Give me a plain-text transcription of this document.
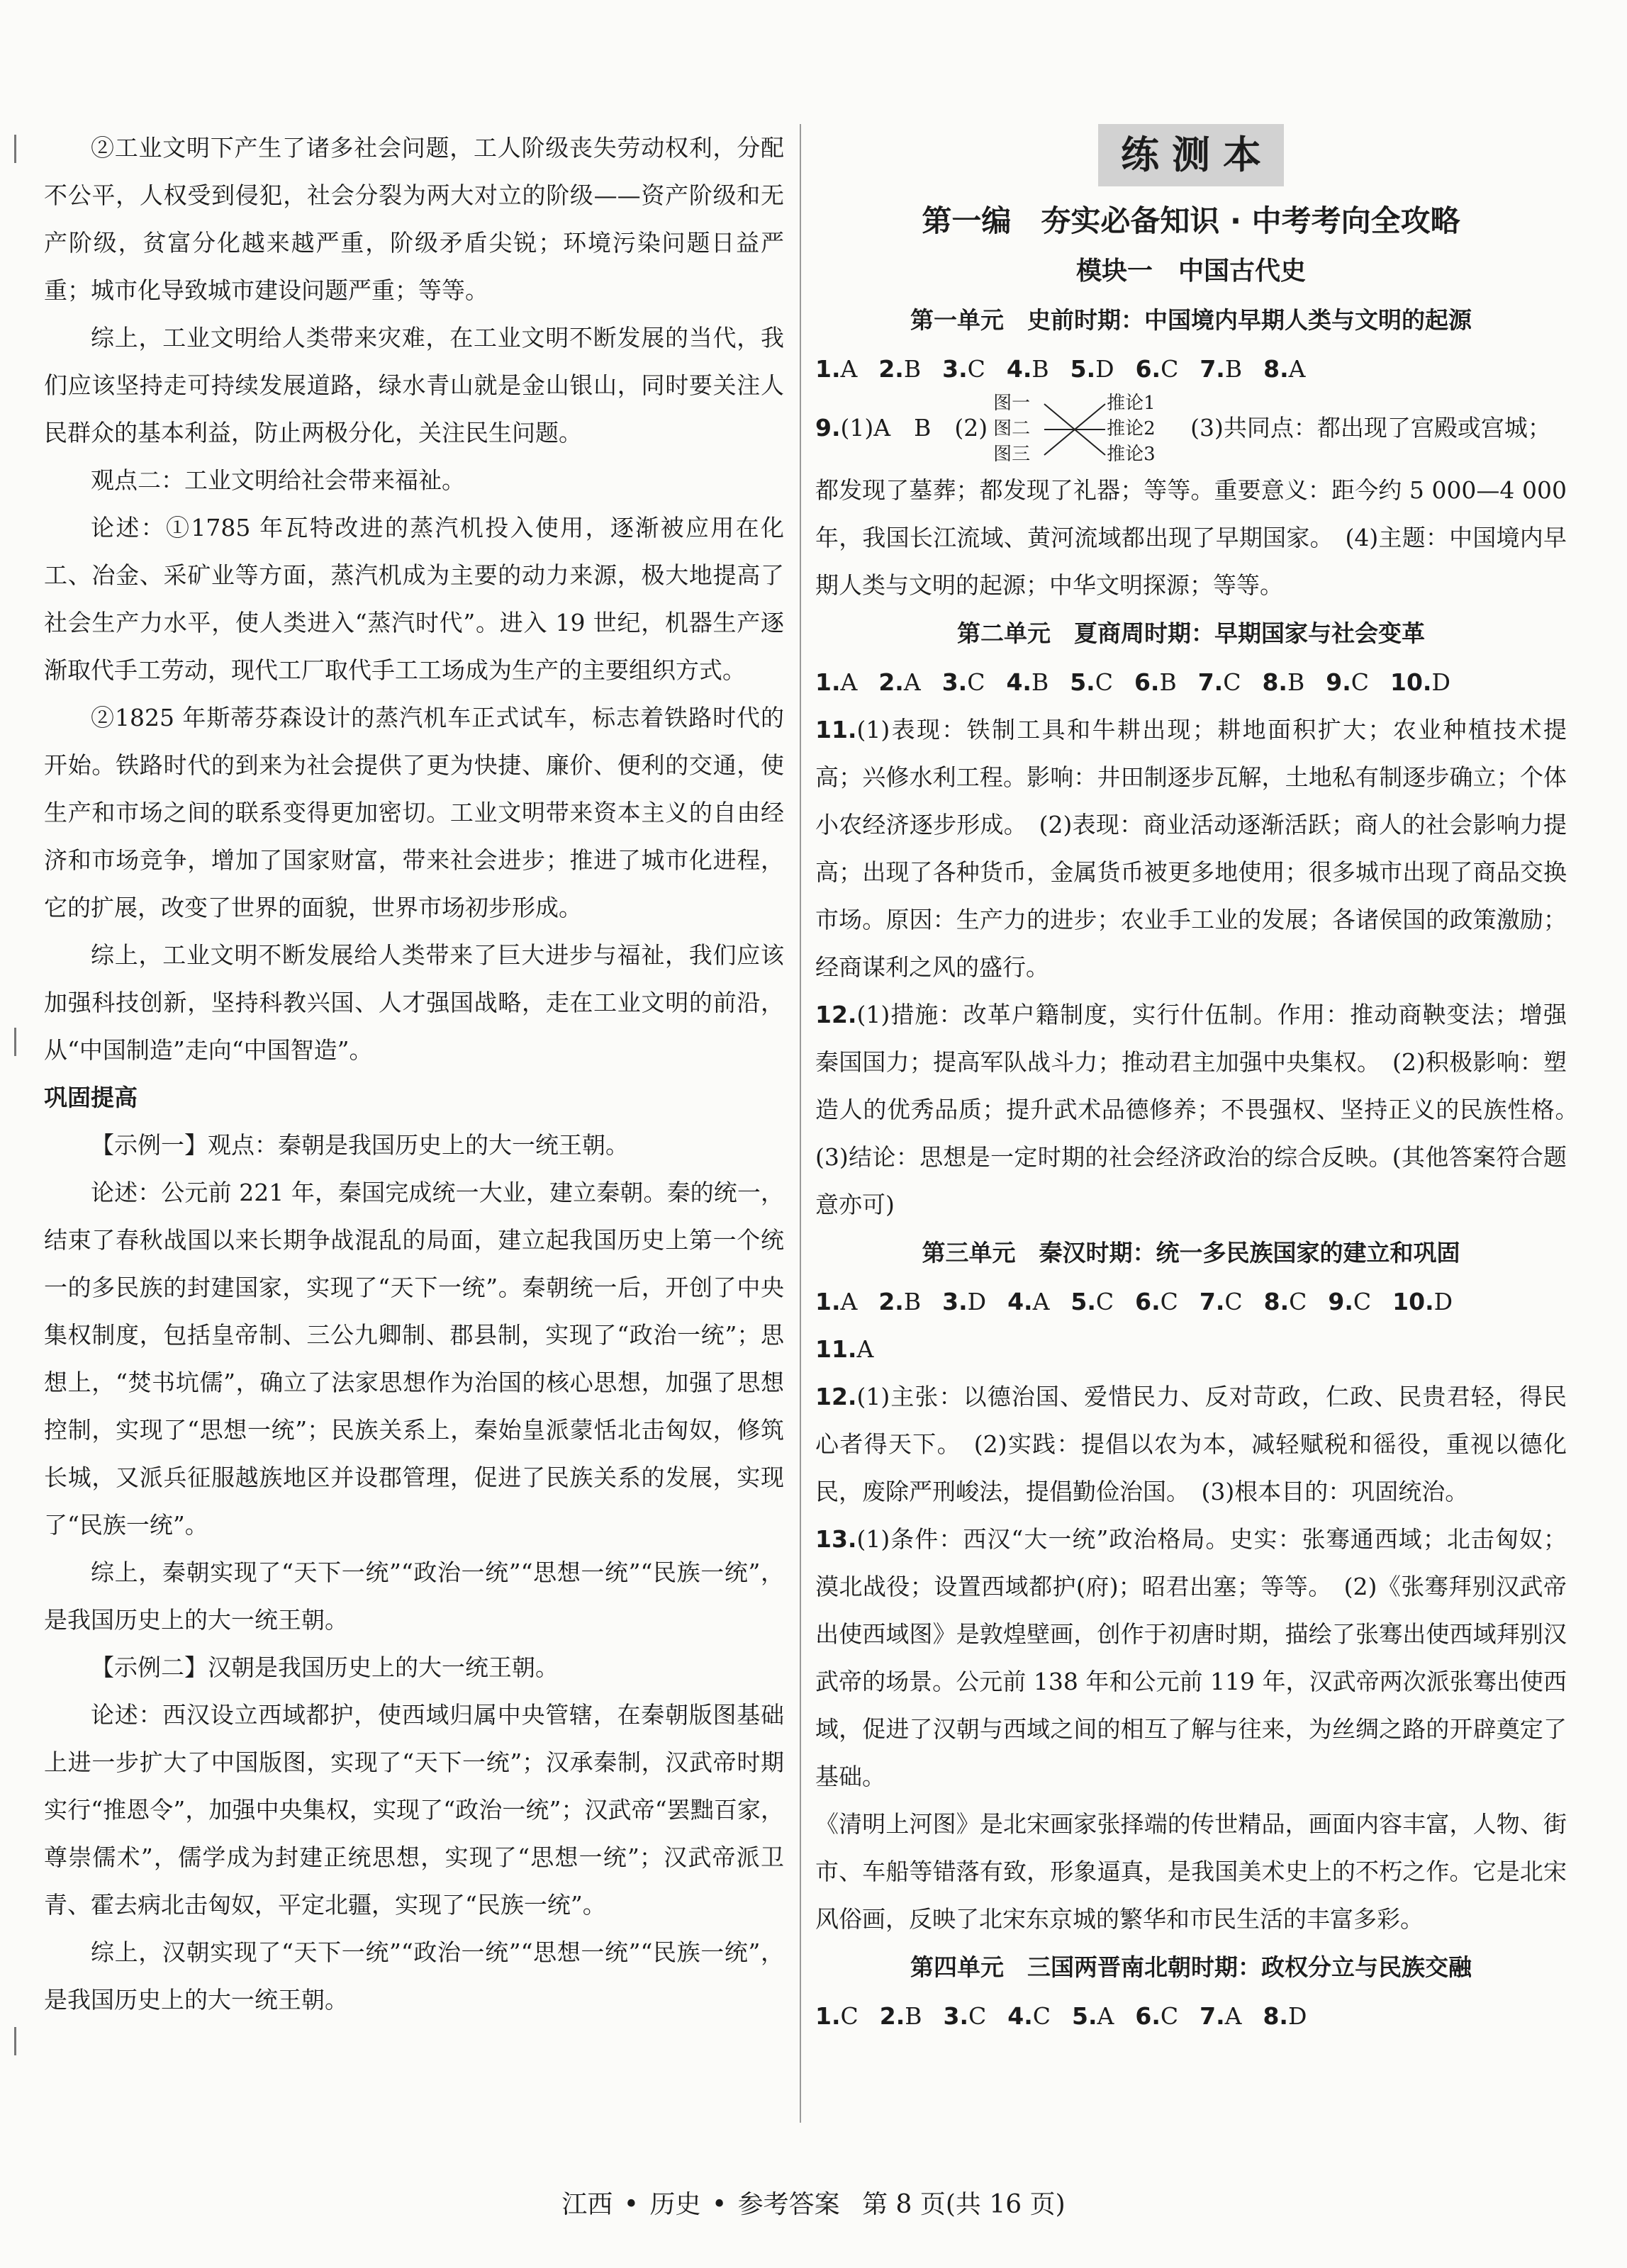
②工业文明下产生了诸多社会问题，工人阶级丧失劳动权利，分配不公平，人权受到侵犯，社会分裂为两大对立的阶级——资产阶级和无产阶级，贫富分化越来越严重，阶级矛盾尖锐；环境污染问题日益严重；城市化导致城市建设问题严重；等等。

综上，工业文明给人类带来灾难，在工业文明不断发展的当代，我们应该坚持走可持续发展道路，绿水青山就是金山银山，同时要关注人民群众的基本利益，防止两极分化，关注民生问题。

观点二：工业文明给社会带来福祉。

论述：①1785 年瓦特改进的蒸汽机投入使用，逐渐被应用在化工、冶金、采矿业等方面，蒸汽机成为主要的动力来源，极大地提高了社会生产力水平，使人类进入“蒸汽时代”。进入 19 世纪，机器生产逐渐取代手工劳动，现代工厂取代手工工场成为生产的主要组织方式。

②1825 年斯蒂芬森设计的蒸汽机车正式试车，标志着铁路时代的开始。铁路时代的到来为社会提供了更为快捷、廉价、便利的交通，使生产和市场之间的联系变得更加密切。工业文明带来资本主义的自由经济和市场竞争，增加了国家财富，带来社会进步；推进了城市化进程，它的扩展，改变了世界的面貌，世界市场初步形成。

综上，工业文明不断发展给人类带来了巨大进步与福祉，我们应该加强科技创新，坚持科教兴国、人才强国战略，走在工业文明的前沿，从“中国制造”走向“中国智造”。

巩固提高

【示例一】观点：秦朝是我国历史上的大一统王朝。

论述：公元前 221 年，秦国完成统一大业，建立秦朝。秦的统一，结束了春秋战国以来长期争战混乱的局面，建立起我国历史上第一个统一的多民族的封建国家，实现了“天下一统”。秦朝统一后，开创了中央集权制度，包括皇帝制、三公九卿制、郡县制，实现了“政治一统”；思想上，“焚书坑儒”，确立了法家思想作为治国的核心思想，加强了思想控制，实现了“思想一统”；民族关系上，秦始皇派蒙恬北击匈奴，修筑长城，又派兵征服越族地区并设郡管理，促进了民族关系的发展，实现了“民族一统”。

综上，秦朝实现了“天下一统”“政治一统”“思想一统”“民族一统”，是我国历史上的大一统王朝。

【示例二】汉朝是我国历史上的大一统王朝。

论述：西汉设立西域都护，使西域归属中央管辖，在秦朝版图基础上进一步扩大了中国版图，实现了“天下一统”；汉承秦制，汉武帝时期实行“推恩令”，加强中央集权，实现了“政治一统”；汉武帝“罢黜百家，尊崇儒术”，儒学成为封建正统思想，实现了“思想一统”；汉武帝派卫青、霍去病北击匈奴，平定北疆，实现了“民族一统”。

综上，汉朝实现了“天下一统”“政治一统”“思想一统”“民族一统”，是我国历史上的大一统王朝。

练测本

第一编　夯实必备知识 · 中考考向全攻略

模块一　中国古代史

第一单元　史前时期：中国境内早期人类与文明的起源

1.A 2.B 3.C 4.B 5.D 6.C 7.B 8.A

9.(1)A　B　(2)
图一
图二
图三
推论1
推论2
推论3
(3)共同点：都出现了宫殿或宫城；

都发现了墓葬；都发现了礼器；等等。重要意义：距今约 5 000—4 000 年，我国长江流域、黄河流域都出现了早期国家。　(4)主题：中国境内早期人类与文明的起源；中华文明探源；等等。

第二单元　夏商周时期：早期国家与社会变革

1.A 2.A 3.C 4.B 5.C 6.B 7.C 8.B 9.C 10.D

11.(1)表现：铁制工具和牛耕出现；耕地面积扩大；农业种植技术提高；兴修水利工程。影响：井田制逐步瓦解，土地私有制逐步确立；个体小农经济逐步形成。　(2)表现：商业活动逐渐活跃；商人的社会影响力提高；出现了各种货币，金属货币被更多地使用；很多城市出现了商品交换市场。原因：生产力的进步；农业手工业的发展；各诸侯国的政策激励；经商谋利之风的盛行。

12.(1)措施：改革户籍制度，实行什伍制。作用：推动商鞅变法；增强秦国国力；提高军队战斗力；推动君主加强中央集权。　(2)积极影响：塑造人的优秀品质；提升武术品德修养；不畏强权、坚持正义的民族性格。　(3)结论：思想是一定时期的社会经济政治的综合反映。(其他答案符合题意亦可)

第三单元　秦汉时期：统一多民族国家的建立和巩固

1.A 2.B 3.D 4.A 5.C 6.C 7.C 8.C 9.C 10.D

11.A

12.(1)主张：以德治国、爱惜民力、反对苛政，仁政、民贵君轻，得民心者得天下。　(2)实践：提倡以农为本，减轻赋税和徭役，重视以德化民，废除严刑峻法，提倡勤俭治国。　(3)根本目的：巩固统治。

13.(1)条件：西汉“大一统”政治格局。史实：张骞通西域；北击匈奴；漠北战役；设置西域都护(府)；昭君出塞；等等。　(2)《张骞拜别汉武帝出使西域图》是敦煌壁画，创作于初唐时期，描绘了张骞出使西域拜别汉武帝的场景。公元前 138 年和公元前 119 年，汉武帝两次派张骞出使西域，促进了汉朝与西域之间的相互了解与往来，为丝绸之路的开辟奠定了基础。

《清明上河图》是北宋画家张择端的传世精品，画面内容丰富，人物、街市、车船等错落有致，形象逼真，是我国美术史上的不朽之作。它是北宋风俗画，反映了北宋东京城的繁华和市民生活的丰富多彩。

第四单元　三国两晋南北朝时期：政权分立与民族交融

1.C 2.B 3.C 4.C 5.A 6.C 7.A 8.D

江西 • 历史 • 参考答案 第 8 页(共 16 页)
